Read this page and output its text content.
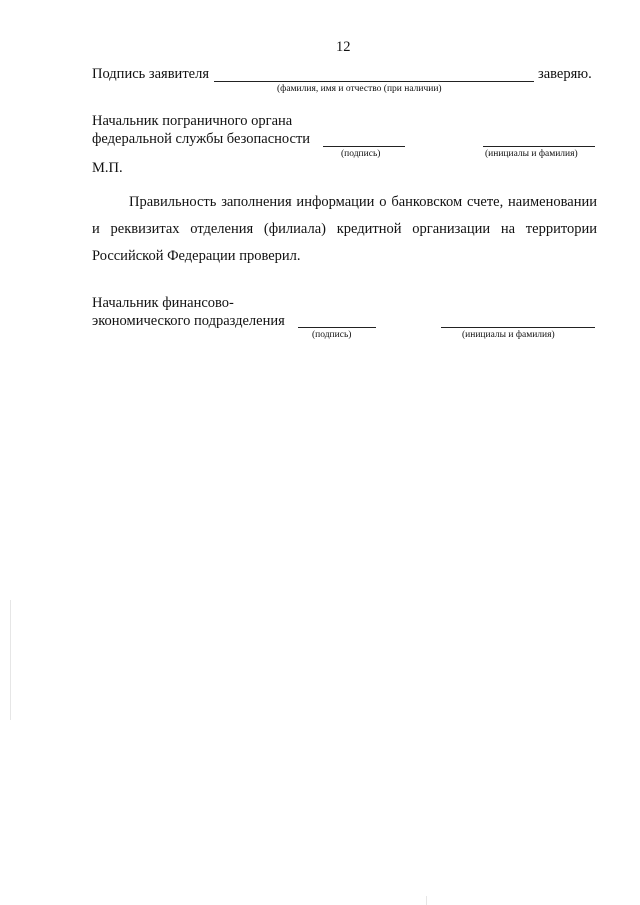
12
Подпись заявителя	заверяю.
(фамилия, имя и отчество (при наличии)
Начальник пограничного органа
федеральной службы безопасности
(подпись)	(инициалы и фамилия)
М.П.
Правильность заполнения информации о банковском счете, наименовании и реквизитах отделения (филиала) кредитной организации на территории Российской Федерации проверил.
Начальник финансово-
экономического подразделения
(подпись)	(инициалы и фамилия)
